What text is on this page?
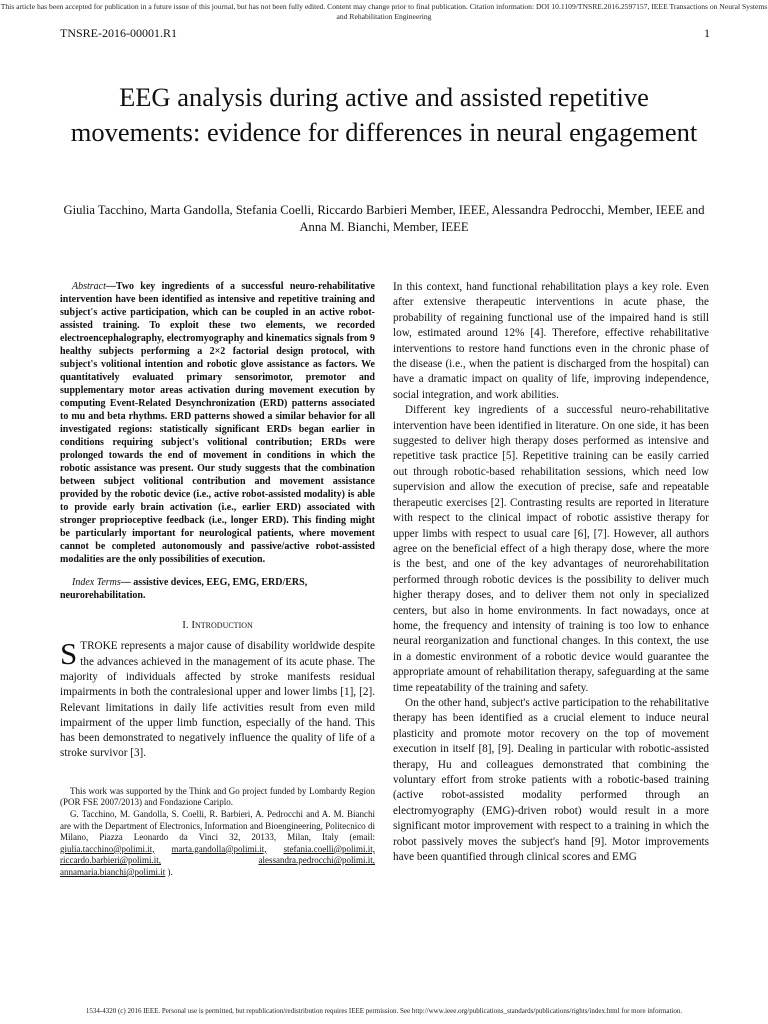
This article has been accepted for publication in a future issue of this journal, but has not been fully edited. Content may change prior to final publication. Citation information: DOI 10.1109/TNSRE.2016.2597157, IEEE Transactions on Neural Systems and Rehabilitation Engineering
TNSRE-2016-00001.R1	1
EEG analysis during active and assisted repetitive movements: evidence for differences in neural engagement

Giulia Tacchino, Marta Gandolla, Stefania Coelli, Riccardo Barbieri Member, IEEE, Alessandra Pedrocchi, Member, IEEE and Anna M. Bianchi, Member, IEEE

Abstract—Two key ingredients of a successful neuro-rehabilitative intervention have been identified as intensive and repetitive training and subject's active participation, which can be coupled in an active robot-assisted training. To exploit these two elements, we recorded electroencephalography, electromyography and kinematics signals from 9 healthy subjects performing a 2×2 factorial design protocol, with subject's volitional intention and robotic glove assistance as factors. We quantitatively evaluated primary sensorimotor, premotor and supplementary motor areas activation during movement execution by computing Event-Related Desynchronization (ERD) patterns associated to mu and beta rhythms. ERD patterns showed a similar behavior for all investigated regions: statistically significant ERDs began earlier in conditions requiring subject's volitional contribution; ERDs were prolonged towards the end of movement in conditions in which the robotic assistance was present. Our study suggests that the combination between subject volitional contribution and movement assistance provided by the robotic device (i.e., active robot-assisted modality) is able to provide early brain activation (i.e., earlier ERD) associated with stronger proprioceptive feedback (i.e., longer ERD). This finding might be particularly important for neurological patients, where movement cannot be completed autonomously and passive/active robot-assisted modalities are the only possibilities of execution.

Index Terms— assistive devices, EEG, EMG, ERD/ERS, neurorehabilitation.

I. Introduction

STROKE represents a major cause of disability worldwide despite the advances achieved in the management of its acute phase. The majority of individuals affected by stroke manifests residual impairments in both the contralesional upper and lower limbs [1], [2]. Relevant limitations in daily life activities result from even mild impairment of the upper limb function, especially of the hand. This has been demonstrated to negatively influence the quality of life of a stroke survivor [3].

This work was supported by the Think and Go project funded by Lombardy Region (POR FSE 2007/2013) and Fondazione Cariplo.

G. Tacchino, M. Gandolla, S. Coelli, R. Barbieri, A. Pedrocchi and A. M. Bianchi are with the Department of Electronics, Information and Bioengineering, Politecnico di Milano, Piazza Leonardo da Vinci 32, 20133, Milan, Italy (email: giulia.tacchino@polimi.it, marta.gandolla@polimi.it, stefania.coelli@polimi.it, riccardo.barbieri@polimi.it,	alessandra.pedrocchi@polimi.it, annamaria.bianchi@polimi.it ).

In this context, hand functional rehabilitation plays a key role. Even after extensive therapeutic interventions in acute phase, the probability of regaining functional use of the impaired hand is still low, estimated around 12% [4]. Therefore, effective rehabilitative interventions to restore hand functions even in the chronic phase of the disease (i.e., when the patient is discharged from the hospital) can have a dramatic impact on quality of life, improving independence, social integration, and work abilities.

Different key ingredients of a successful neuro-rehabilitative intervention have been identified in literature. On one side, it has been suggested to deliver high therapy doses performed as intensive and repetitive task practice [5]. Repetitive training can be easily carried out through robotic-based rehabilitation sessions, which need low supervision and allow the execution of precise, safe and repeatable therapeutic exercises [2]. Contrasting results are reported in literature with respect to the clinical impact of robotic assistive therapy for upper limbs with respect to usual care [6], [7]. However, all authors agree on the beneficial effect of a high therapy dose, where the more is the best, and one of the key advantages of neurorehabilitation performed through robotic devices is the possibility to deliver much higher therapy doses, and to deliver them not only in specialized centers, but also in home environments. In fact nowadays, once at home, the frequency and intensity of training is too low to enhance neural reorganization and functional changes. In this context, the use in a domestic environment of a robotic device would guarantee the appropriate amount of rehabilitation therapy, safeguarding at the same time repeatability of the training and safety.

On the other hand, subject's active participation to the rehabilitative therapy has been identified as a crucial element to induce neural plasticity and promote motor recovery on the top of movement execution in itself [8], [9]. Dealing in particular with robotic-assisted therapy, Hu and colleagues demonstrated that combining the voluntary effort from stroke patients with a robotic-based training (active robot-assisted modality performed through an electromyography (EMG)-driven robot) would result in a more significant motor improvement with respect to a training in which the robot passively moves the subject's hand [9]. Motor improvements have been quantified through clinical scores and EMG

1534-4320 (c) 2016 IEEE. Personal use is permitted, but republication/redistribution requires IEEE permission. See http://www.ieee.org/publications_standards/publications/rights/index.html for more information.
